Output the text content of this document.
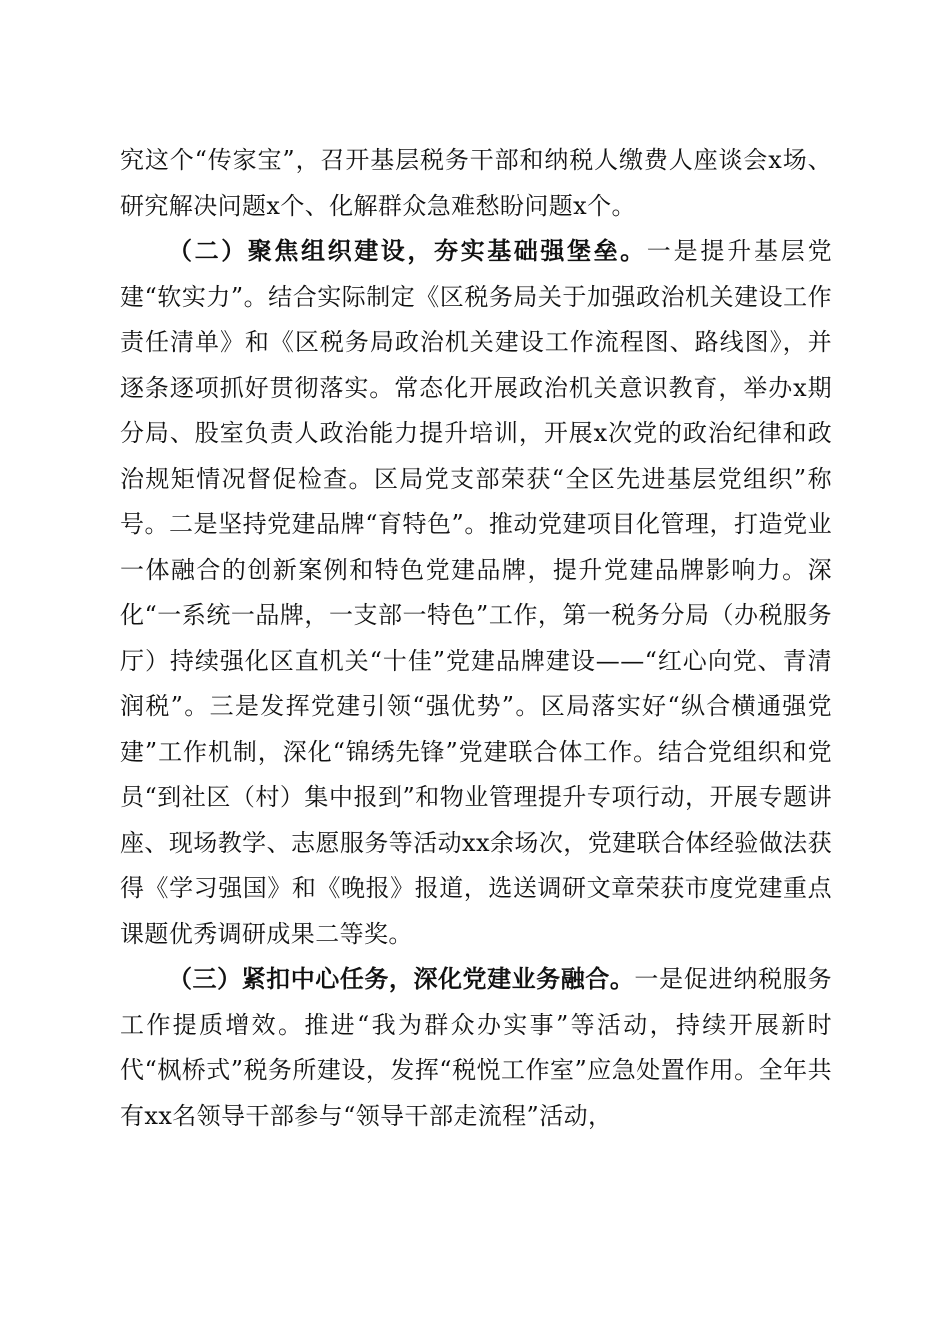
究这个“传家宝”，召开基层税务干部和纳税人缴费人座谈会x场、研究解决问题x个、化解群众急难愁盼问题x个。

（二）聚焦组织建设，夯实基础强堡垒。一是提升基层党建“软实力”。结合实际制定《区税务局关于加强政治机关建设工作责任清单》和《区税务局政治机关建设工作流程图、路线图》，并逐条逐项抓好贯彻落实。常态化开展政治机关意识教育，举办x期分局、股室负责人政治能力提升培训，开展x次党的政治纪律和政治规矩情况督促检查。区局党支部荣获“全区先进基层党组织”称号。二是坚持党建品牌“育特色”。推动党建项目化管理，打造党业一体融合的创新案例和特色党建品牌，提升党建品牌影响力。深化“一系统一品牌，一支部一特色”工作，第一税务分局（办税服务厅）持续强化区直机关“十佳”党建品牌建设——“红心向党、青清润税”。三是发挥党建引领“强优势”。区局落实好“纵合横通强党建”工作机制，深化“锦绣先锋”党建联合体工作。结合党组织和党员“到社区（村）集中报到”和物业管理提升专项行动，开展专题讲座、现场教学、志愿服务等活动xx余场次，党建联合体经验做法获得《学习强国》和《晚报》报道，选送调研文章荣获市度党建重点课题优秀调研成果二等奖。

（三）紧扣中心任务，深化党建业务融合。一是促进纳税服务工作提质增效。推进“我为群众办实事”等活动，持续开展新时代“枫桥式”税务所建设，发挥“税悦工作室”应急处置作用。全年共有xx名领导干部参与“领导干部走流程”活动，
